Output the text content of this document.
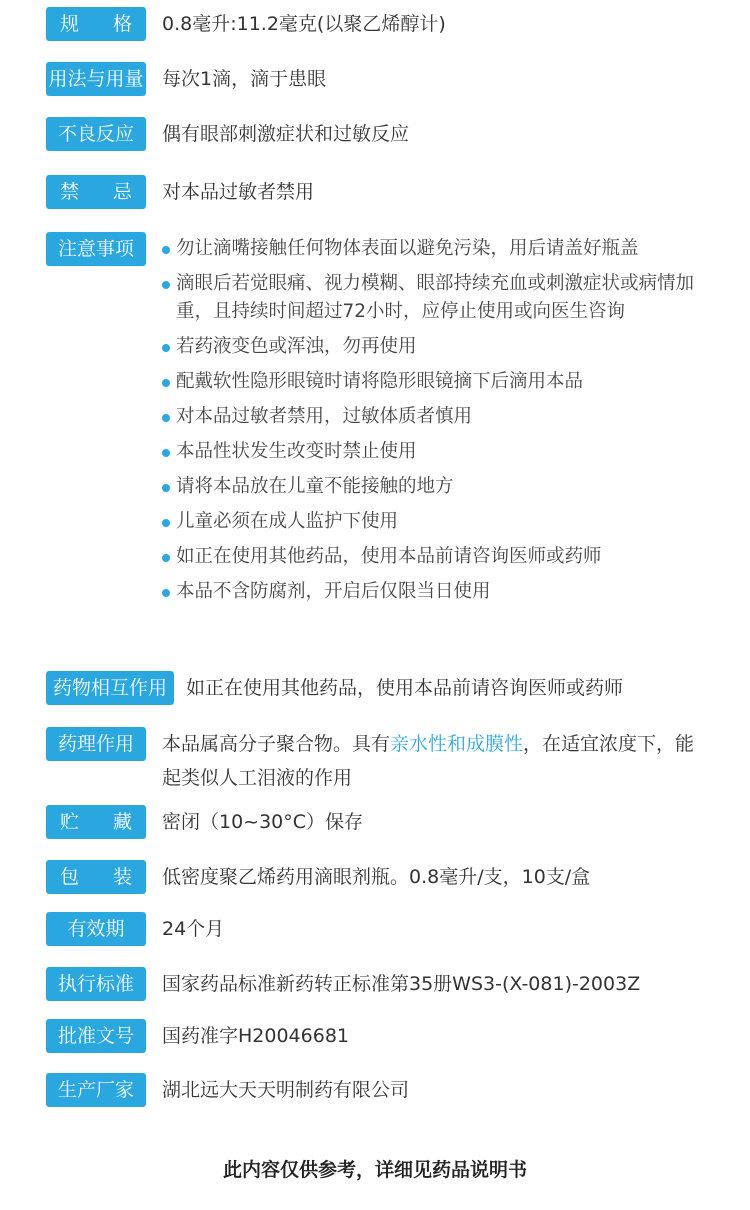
规格	0.8毫升:11.2毫克(以聚乙烯醇计)
用法与用量 每次1滴，滴于患眼
不良反应	偶有眼部刺激症状和过敏反应
禁忌	对本品过敏者禁用
注意事项	勿让滴嘴接触任何物体表面以避免污染，用后请盖好瓶盖
滴眼后若觉眼痛、视力模糊、眼部持续充血或刺激症状或病情加重，且持续时间超过72小时，应停止使用或向医生咨询
若药液变色或浑浊，勿再使用
配戴软性隐形眼镜时请将隐形眼镜摘下后滴用本品
对本品过敏者禁用，过敏体质者慎用
本品性状发生改变时禁止使用
请将本品放在儿童不能接触的地方
儿童必须在成人监护下使用
如正在使用其他药品，使用本品前请咨询医师或药师
本品不含防腐剂，开启后仅限当日使用
药物相互作用	如正在使用其他药品，使用本品前请咨询医师或药师
药理作用	本品属高分子聚合物。具有亲水性和成膜性，在适宜浓度下，能起类似人工泪液的作用
贮藏	密闭（10~30°C）保存
包装	低密度聚乙烯药用滴眼剂瓶。0.8毫升/支，10支/盒
有效期	24个月
执行标准	国家药品标准新药转正标准第35册WS3-(X-081)-2003Z
批准文号	国药准字H20046681
生产厂家	湖北远大天天明制药有限公司
此内容仅供参考，详细见药品说明书
